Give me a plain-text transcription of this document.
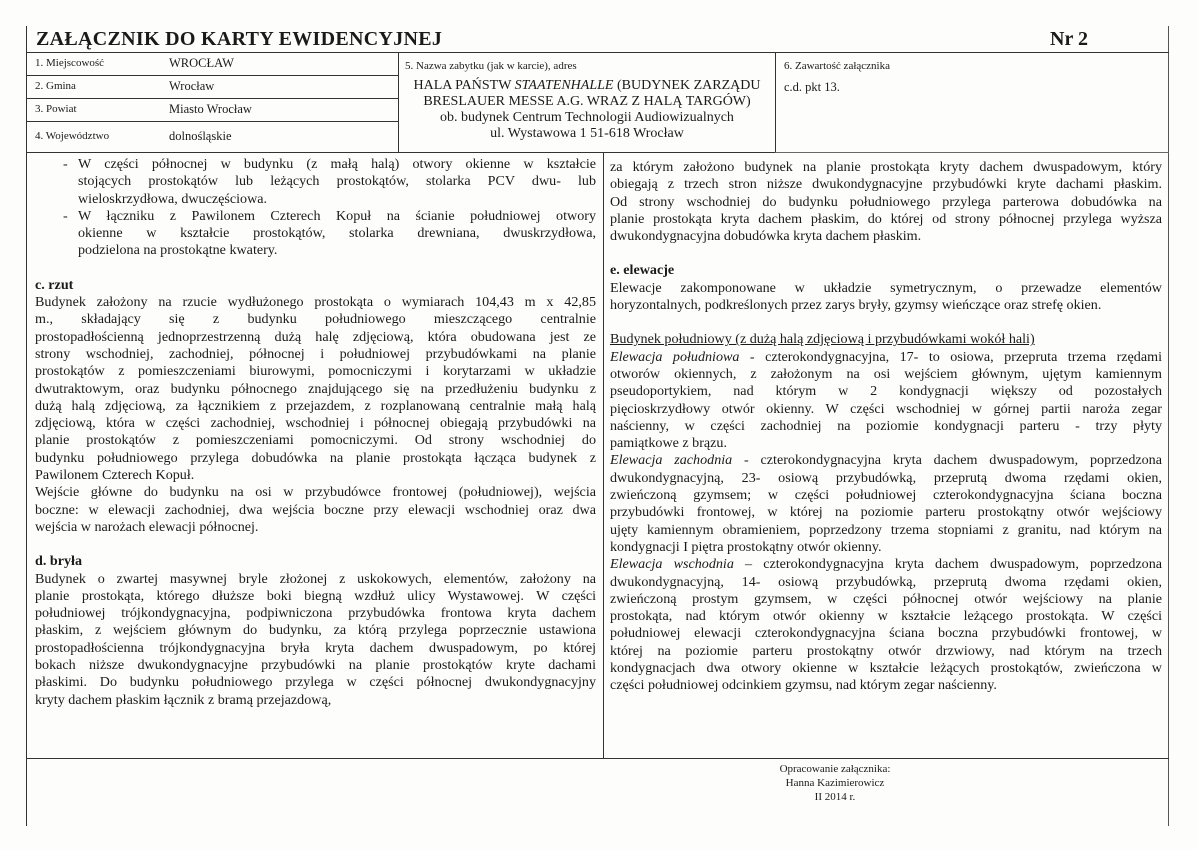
ZAŁĄCZNIK DO KARTY EWIDENCYJNEJ	Nr 2
1. Miejscowość	WROCŁAW
2. Gmina	Wrocław
3. Powiat	Miasto Wrocław
4. Województwo	dolnośląskie
5. Nazwa zabytku (jak w karcie), adres
HALA PAŃSTW STAATENHALLE (BUDYNEK ZARZĄDU
BRESLAUER MESSE A.G. WRAZ Z HALĄ TARGÓW)
ob. budynek Centrum Technologii Audiowizualnych
ul. Wystawowa 1 51-618 Wrocław
6. Zawartość załącznika
c.d. pkt 13.
- W części północnej w budynku (z małą halą) otwory okienne w kształcie
stojących prostokątów lub leżących prostokątów, stolarka PCV dwu- lub
wieloskrzydłowa, dwuczęściowa.
- W łączniku z Pawilonem Czterech Kopuł na ścianie południowej otwory
okienne w kształcie prostokątów, stolarka drewniana, dwuskrzydłowa,
podzielona na prostokątne kwatery.
c. rzut
Budynek założony na rzucie wydłużonego prostokąta o wymiarach 104,43 m x 42,85
m., składający się z budynku południowego mieszczącego centralnie
prostopadłościenną jednoprzestrzenną dużą halę zdjęciową, która obudowana jest ze
strony wschodniej, zachodniej, północnej i południowej przybudówkami na planie
prostokątów z pomieszczeniami biurowymi, pomocniczymi i korytarzami w układzie
dwutraktowym, oraz budynku północnego znajdującego się na przedłużeniu budynku z
dużą halą zdjęciową, za łącznikiem z przejazdem, z rozplanowaną centralnie małą halą
zdjęciową, która w części zachodniej, wschodniej i północnej obiegają przybudówki na
planie prostokątów z pomieszczeniami pomocniczymi. Od strony wschodniej do
budynku południowego przylega dobudówka na planie prostokąta łącząca budynek z
Pawilonem Czterech Kopuł.
Wejście główne do budynku na osi w przybudówce frontowej (południowej), wejścia
boczne: w elewacji zachodniej, dwa wejścia boczne przy elewacji wschodniej oraz dwa
wejścia w narożach elewacji północnej.
d. bryła
Budynek o zwartej masywnej bryle złożonej z uskokowych, elementów, założony na
planie prostokąta, którego dłuższe boki biegną wzdłuż ulicy Wystawowej. W części
południowej trójkondygnacyjna, podpiwniczona przybudówka frontowa kryta dachem
płaskim, z wejściem głównym do budynku, za którą przylega poprzecznie ustawiona
prostopadłościenna trójkondygnacyjna bryła kryta dachem dwuspadowym, po której
bokach niższe dwukondygnacyjne przybudówki na planie prostokątów kryte dachami
płaskimi. Do budynku południowego przylega w części północnej dwukondygnacyjny
kryty dachem płaskim łącznik z bramą przejazdową,
za którym założono budynek na planie prostokąta kryty dachem dwuspadowym, który
obiegają z trzech stron niższe dwukondygnacyjne przybudówki kryte dachami płaskim.
Od strony wschodniej do budynku południowego przylega parterowa dobudówka na
planie prostokąta kryta dachem płaskim, do której od strony północnej przylega wyższa
dwukondygnacyjna dobudówka kryta dachem płaskim.
e. elewacje
Elewacje zakomponowane w układzie symetrycznym, o przewadze elementów
horyzontalnych, podkreślonych przez zarys bryły, gzymsy wieńczące oraz strefę okien.
Budynek południowy (z dużą halą zdjęciową i przybudówkami wokół hali)
Elewacja południowa - czterokondygnacyjna, 17- to osiowa, przepruta trzema rzędami
otworów okiennych, z założonym na osi wejściem głównym, ujętym kamiennym
pseudoportykiem, nad którym w 2 kondygnacji większy od pozostałych
pięcioskrzydłowy otwór okienny. W części wschodniej w górnej partii naroża zegar
naścienny, w części zachodniej na poziomie kondygnacji parteru - trzy płyty
pamiątkowe z brązu.
Elewacja zachodnia - czterokondygnacyjna kryta dachem dwuspadowym, poprzedzona
dwukondygnacyjną, 23- osiową przybudówką, przeprutą dwoma rzędami okien,
zwieńczoną gzymsem; w części południowej czterokondygnacyjna ściana boczna
przybudówki frontowej, w której na poziomie parteru prostokątny otwór wejściowy
ujęty kamiennym obramieniem, poprzedzony trzema stopniami z granitu, nad którym na
kondygnacji I piętra prostokątny otwór okienny.
Elewacja wschodnia – czterokondygnacyjna kryta dachem dwuspadowym, poprzedzona
dwukondygnacyjną, 14- osiową przybudówką, przeprutą dwoma rzędami okien,
zwieńczoną prostym gzymsem, w części północnej otwór wejściowy na planie
prostokąta, nad którym otwór okienny w kształcie leżącego prostokąta. W części
południowej elewacji czterokondygnacyjna ściana boczna przybudówki frontowej, w
której na poziomie parteru prostokątny otwór drzwiowy, nad którym na trzech
kondygnacjach dwa otwory okienne w kształcie leżących prostokątów, zwieńczona w
części południowej odcinkiem gzymsu, nad którym zegar naścienny.
Opracowanie załącznika:
Hanna Kazimierowicz
II 2014 r.
